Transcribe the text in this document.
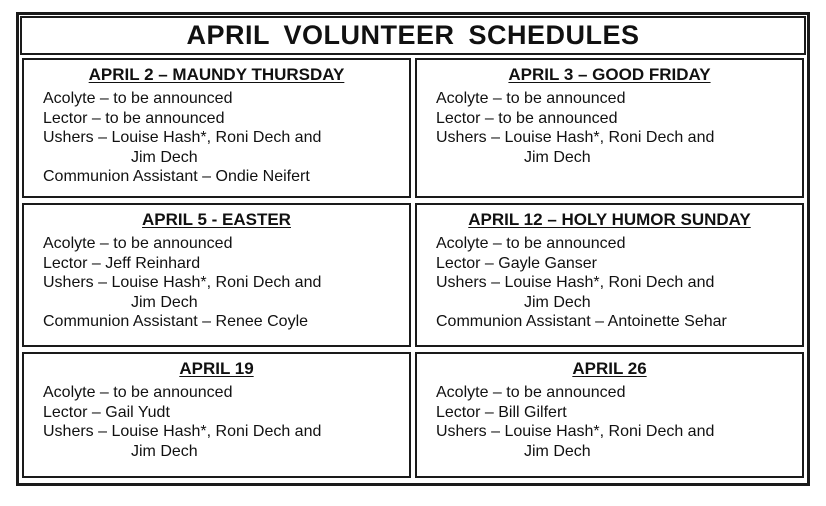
APRIL VOLUNTEER SCHEDULES
APRIL 2 – MAUNDY THURSDAY
Acolyte – to be announced
Lector – to be announced
Ushers – Louise Hash*, Roni Dech and
Jim Dech
Communion Assistant – Ondie Neifert
APRIL 3 – GOOD FRIDAY
Acolyte – to be announced
Lector – to be announced
Ushers – Louise Hash*, Roni Dech and
Jim Dech
APRIL 5 - EASTER
Acolyte – to be announced
Lector – Jeff Reinhard
Ushers – Louise Hash*, Roni Dech and
Jim Dech
Communion Assistant – Renee Coyle
APRIL 12 – HOLY HUMOR SUNDAY
Acolyte – to be announced
Lector – Gayle Ganser
Ushers – Louise Hash*, Roni Dech and
Jim Dech
Communion Assistant – Antoinette Sehar
APRIL 19
Acolyte – to be announced
Lector – Gail Yudt
Ushers – Louise Hash*, Roni Dech and
Jim Dech
APRIL 26
Acolyte – to be announced
Lector – Bill Gilfert
Ushers – Louise Hash*, Roni Dech and
Jim Dech
